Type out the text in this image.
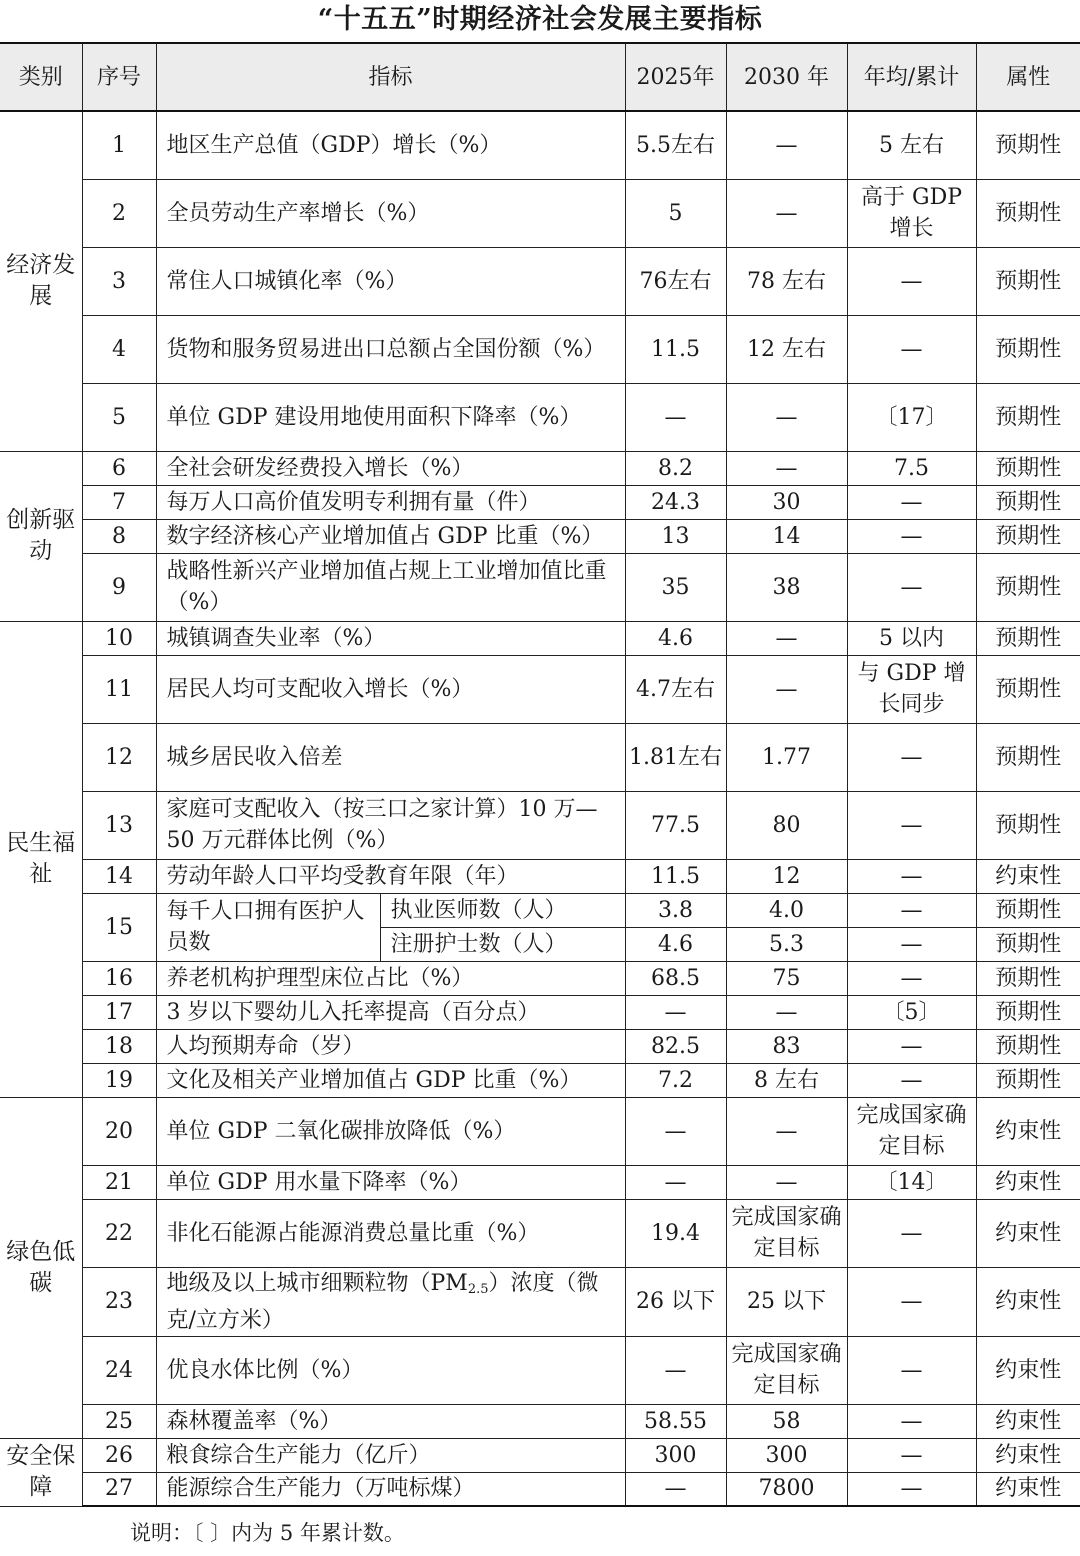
“十五五”时期经济社会发展主要指标
类别	序号	指标		2025年	2030 年	年均/累计	属性
经济发展	1	地区生产总值（GDP）增长（%）		5.5左右	—	5 左右	预期性
	2	全员劳动生产率增长（%）		5	—	高于 GDP 增长	预期性
	3	常住人口城镇化率（%）		76左右	78 左右	—	预期性
	4	货物和服务贸易进出口总额占全国份额（%）		11.5	12 左右	—	预期性
	5	单位 GDP 建设用地使用面积下降率（%）		—	—	〔17〕	预期性
创新驱动	6	全社会研发经费投入增长（%）		8.2	—	7.5	预期性
	7	每万人口高价值发明专利拥有量（件）		24.3	30	—	预期性
	8	数字经济核心产业增加值占 GDP 比重（%）		13	14	—	预期性
	9	战略性新兴产业增加值占规上工业增加值比重（%）		35	38	—	预期性
民生福祉	10	城镇调查失业率（%）		4.6	—	5 以内	预期性
	11	居民人均可支配收入增长（%）		4.7左右	—	与 GDP 增长同步	预期性
	12	城乡居民收入倍差		1.81左右	1.77	—	预期性
	13	家庭可支配收入（按三口之家计算）10 万—50 万元群体比例（%）		77.5	80	—	预期性
	14	劳动年龄人口平均受教育年限（年）		11.5	12	—	约束性
	15	每千人口拥有医护人员数	执业医师数（人）	3.8	4.0	—	预期性
			注册护士数（人）	4.6	5.3	—	预期性
	16	养老机构护理型床位占比（%）		68.5	75	—	预期性
	17	3 岁以下婴幼儿入托率提高（百分点）		—	—	〔5〕	预期性
	18	人均预期寿命（岁）		82.5	83	—	预期性
	19	文化及相关产业增加值占 GDP 比重（%）		7.2	8 左右	—	预期性
绿色低碳	20	单位 GDP 二氧化碳排放降低（%）		—	—	完成国家确定目标	约束性
	21	单位 GDP 用水量下降率（%）		—	—	〔14〕	约束性
	22	非化石能源占能源消费总量比重（%）		19.4	完成国家确定目标	—	约束性
	23	地级及以上城市细颗粒物$(PM_{2.5})$浓度（微克/立方米）		26 以下	25 以下	—	约束性
	24	优良水体比例（%）		—	完成国家确定目标	—	约束性
	25	森林覆盖率（%）		58.55	58	—	约束性
安全保障	26	粮食综合生产能力（亿斤）		300	300	—	约束性
	27	能源综合生产能力（万吨标煤）		—	7800	—	约束性
说明：〔 〕内为 5 年累计数。
